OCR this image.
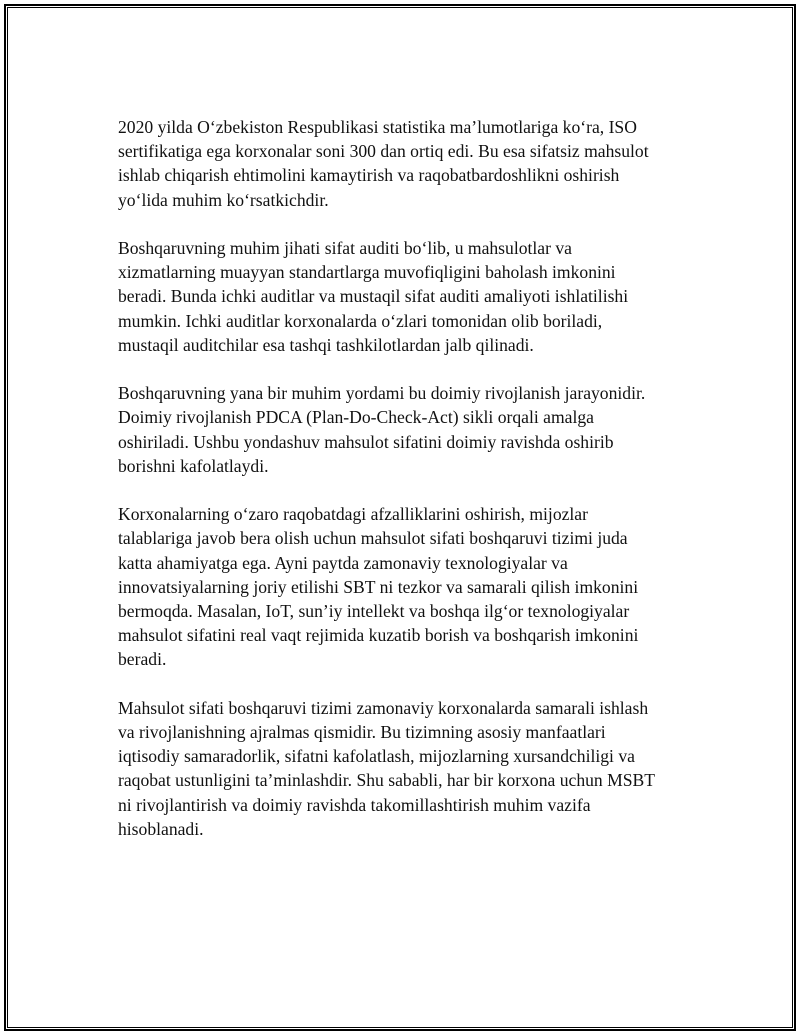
2020 yilda O‘zbekiston Respublikasi statistika ma’lumotlariga ko‘ra, ISO
sertifikatiga ega korxonalar soni 300 dan ortiq edi. Bu esa sifatsiz mahsulot
ishlab chiqarish ehtimolini kamaytirish va raqobatbardoshlikni oshirish
yo‘lida muhim ko‘rsatkichdir.

Boshqaruvning muhim jihati sifat auditi bo‘lib, u mahsulotlar va
xizmatlarning muayyan standartlarga muvofiqligini baholash imkonini
beradi. Bunda ichki auditlar va mustaqil sifat auditi amaliyoti ishlatilishi
mumkin. Ichki auditlar korxonalarda o‘zlari tomonidan olib boriladi,
mustaqil auditchilar esa tashqi tashkilotlardan jalb qilinadi.

Boshqaruvning yana bir muhim yordami bu doimiy rivojlanish jarayonidir.
Doimiy rivojlanish PDCA (Plan-Do-Check-Act) sikli orqali amalga
oshiriladi. Ushbu yondashuv mahsulot sifatini doimiy ravishda oshirib
borishni kafolatlaydi.

Korxonalarning o‘zaro raqobatdagi afzalliklarini oshirish, mijozlar
talablariga javob bera olish uchun mahsulot sifati boshqaruvi tizimi juda
katta ahamiyatga ega. Ayni paytda zamonaviy texnologiyalar va
innovatsiyalarning joriy etilishi SBT ni tezkor va samarali qilish imkonini
bermoqda. Masalan, IoT, sun’iy intellekt va boshqa ilg‘or texnologiyalar
mahsulot sifatini real vaqt rejimida kuzatib borish va boshqarish imkonini
beradi.

Mahsulot sifati boshqaruvi tizimi zamonaviy korxonalarda samarali ishlash
va rivojlanishning ajralmas qismidir. Bu tizimning asosiy manfaatlari
iqtisodiy samaradorlik, sifatni kafolatlash, mijozlarning xursandchiligi va
raqobat ustunligini ta’minlashdir. Shu sababli, har bir korxona uchun MSBT
ni rivojlantirish va doimiy ravishda takomillashtirish muhim vazifa
hisoblanadi.
